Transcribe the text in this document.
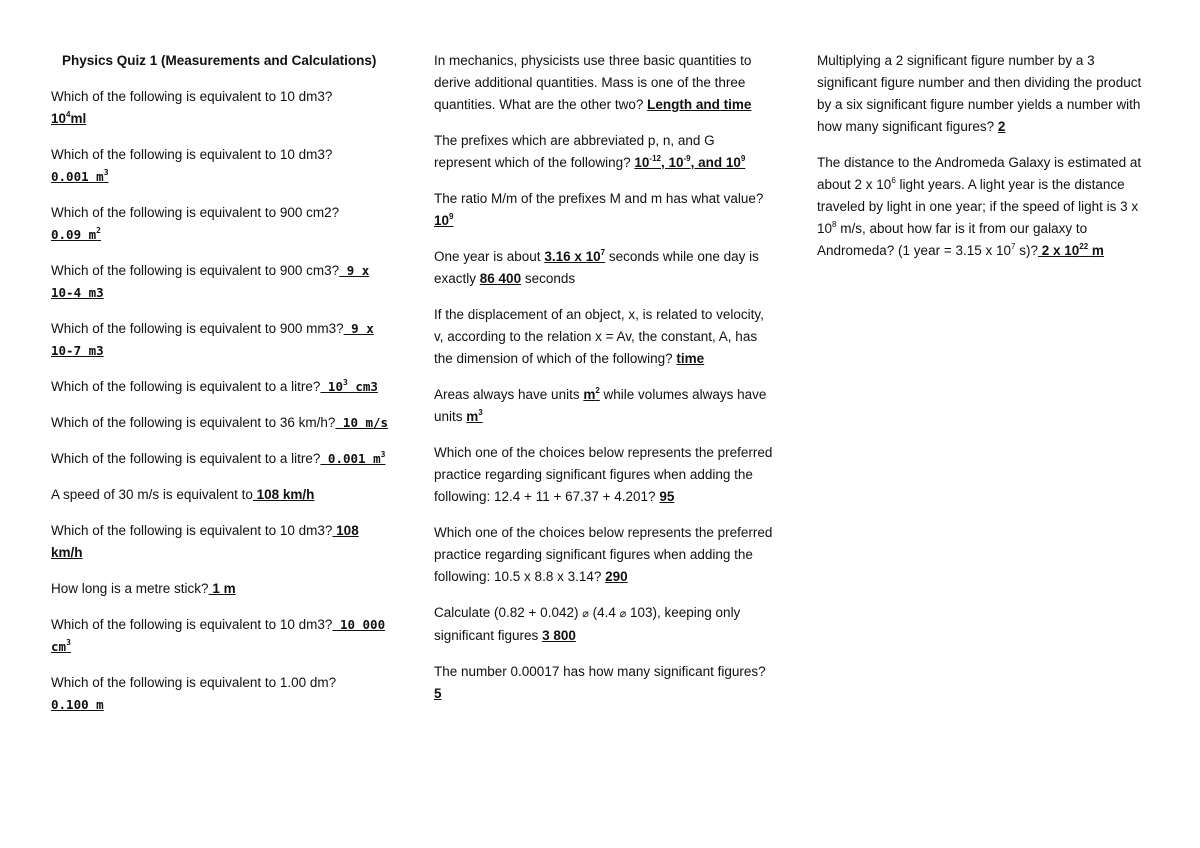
Physics Quiz 1 (Measurements and Calculations)
Which of the following is equivalent to 10 dm3?
$10^4ml$
Which of the following is equivalent to 10 dm3?
0.001 $m^3$
Which of the following is equivalent to 900 cm2?
0.09 $m^2$
Which of the following is equivalent to 900 cm3? 9 x 10-4 m3
Which of the following is equivalent to 900 mm3? 9 x 10-7 m3
Which of the following is equivalent to a litre? $10^3$ cm3
Which of the following is equivalent to 36 km/h? 10 m/s
Which of the following is equivalent to a litre? 0.001 $m^3$
A speed of 30 m/s is equivalent to 108 km/h
Which of the following is equivalent to 10 dm3? 108 km/h
How long is a metre stick? 1 m
Which of the following is equivalent to 10 dm3? 10 000 $cm^3$
Which of the following is equivalent to 1.00 dm?
0.100 m
In mechanics, physicists use three basic quantities to derive additional quantities. Mass is one of the three quantities. What are the other two? Length and time
The prefixes which are abbreviated p, n, and G represent which of the following? $10^{-12}$, $10^{-9}$, and $10^9$
The ratio M/m of the prefixes M and m has what value? $10^9$
One year is about 3.16 x $10^7$ seconds while one day is exactly 86 400 seconds
If the displacement of an object, x, is related to velocity, v, according to the relation x = Av, the constant, A, has the dimension of which of the following? time
Areas always have units $m^2$ while volumes always have units $m^3$
Which one of the choices below represents the preferred practice regarding significant figures when adding the following: 12.4 + 11 + 67.37 + 4.201? 95
Which one of the choices below represents the preferred practice regarding significant figures when adding the following: 10.5 x 8.8 x 3.14? 290
Calculate (0.82 + 0.042) ⌀ (4.4 ⌀ 103), keeping only significant figures 3 800
The number 0.00017 has how many significant figures? 5
Multiplying a 2 significant figure number by a 3 significant figure number and then dividing the product by a six significant figure number yields a number with how many significant figures? 2
The distance to the Andromeda Galaxy is estimated at about 2 x $10^6$ light years. A light year is the distance traveled by light in one year; if the speed of light is 3 x $10^8$ m/s, about how far is it from our galaxy to Andromeda? (1 year = 3.15 x $10^7$ s)? 2 x $10^{22}$ m
